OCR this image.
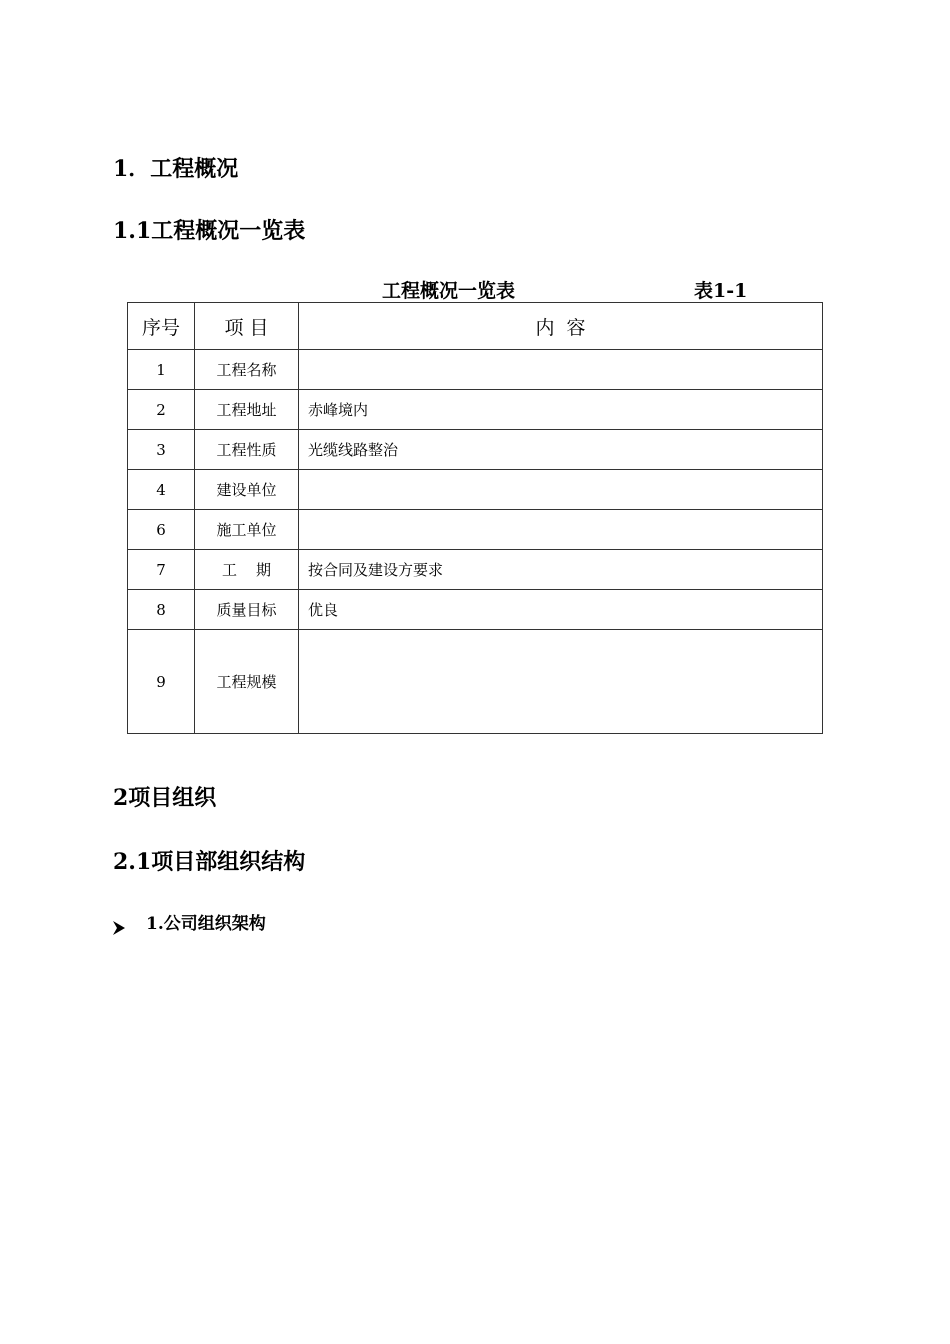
1．工程概况
1.1工程概况一览表
工程概况一览表	表1-1
序号	项 目	内  容
1	工程名称	
2	工程地址	赤峰境内
3	工程性质	光缆线路整治
4	建设单位	
6	施工单位	
7	工    期	按合同及建设方要求
8	质量目标	优良
9	工程规模	
2项目组织
2.1项目部组织结构
1.公司组织架构
